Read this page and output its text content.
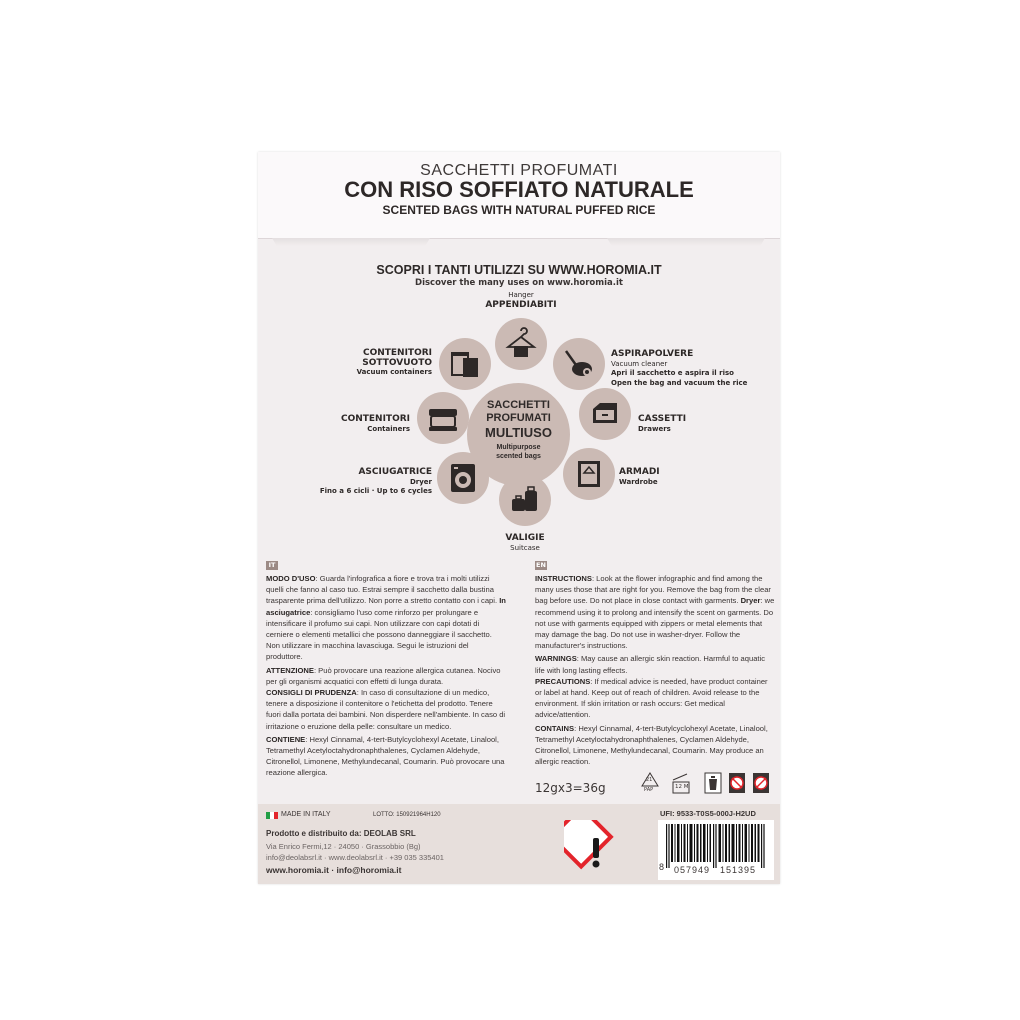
SACCHETTI PROFUMATI
CON RISO SOFFIATO NATURALE
SCENTED BAGS WITH NATURAL PUFFED RICE
SCOPRI I TANTI UTILIZZI SU WWW.HOROMIA.IT
Discover the many uses on www.horomia.it
SACCHETTI
PROFUMATI
MULTIUSO
Multipurpose
scented bags
Hanger
APPENDIABITI
ASPIRAPOLVERE
Vacuum cleaner
Apri il sacchetto e aspira il riso
Open the bag and vacuum the rice
CASSETTI
Drawers
ARMADI
Wardrobe
VALIGIE
Suitcase
ASCIUGATRICE
Dryer
Fino a 6 cicli · Up to 6 cycles
CONTENITORI
Containers
CONTENITORI
SOTTOVUOTO
Vacuum containers
IT	EN

MODO D'USO: Guarda l'infografica a fiore e trova tra i molti utilizzi quelli che fanno al caso tuo. Estrai sempre il sacchetto dalla bustina trasparente prima dell'utilizzo. Non porre a stretto contatto con i capi. In asciugatrice: consigliamo l'uso come rinforzo per prolungare e intensificare il profumo sui capi. Non utilizzare con capi dotati di cerniere o elementi metallici che possono danneggiare il sacchetto. Non utilizzare in macchina lavasciuga. Segui le istruzioni del produttore.

ATTENZIONE: Può provocare una reazione allergica cutanea. Nocivo per gli organismi acquatici con effetti di lunga durata.
CONSIGLI DI PRUDENZA: In caso di consultazione di un medico, tenere a disposizione il contenitore o l'etichetta del prodotto. Tenere fuori dalla portata dei bambini. Non disperdere nell'ambiente. In caso di irritazione o eruzione della pelle: consultare un medico.

CONTIENE: Hexyl Cinnamal, 4-tert-Butylcyclohexyl Acetate, Linalool, Tetramethyl Acetyloctahydronaphthalenes, Cyclamen Aldehyde, Citronellol, Limonene, Methylundecanal, Coumarin. Può provocare una reazione allergica.

INSTRUCTIONS: Look at the flower infographic and find among the many uses those that are right for you. Remove the bag from the clear bag before use. Do not place in close contact with garments. Dryer: we recommend using it to prolong and intensify the scent on garments. Do not use with garments equipped with zippers or metal elements that may damage the bag. Do not use in washer-dryer. Follow the manufacturer's instructions.

WARNINGS: May cause an allergic skin reaction. Harmful to aquatic life with long lasting effects.
PRECAUTIONS: If medical advice is needed, have product container or label at hand. Keep out of reach of children. Avoid release to the environment. If skin irritation or rash occurs: Get medical advice/attention.

CONTAINS: Hexyl Cinnamal, 4-tert-Butylcyclohexyl Acetate, Linalool, Tetramethyl Acetyloctahydronaphthalenes, Cyclamen Aldehyde, Citronellol, Limonene, Methylundecanal, Coumarin. May produce an allergic reaction.

12gx3=36g
21
PAP	12 M
MADE IN ITALY	LOTTO: 150921964H120	UFI: 9533-T0S5-000J-H2UD
Prodotto e distribuito da: DEOLAB SRL
Via Enrico Fermi,12 · 24050 · Grassobbio (Bg)
info@deolabsrl.it · www.deolabsrl.it · +39 035 335401
www.horomia.it · info@horomia.it	8 057949 151395
